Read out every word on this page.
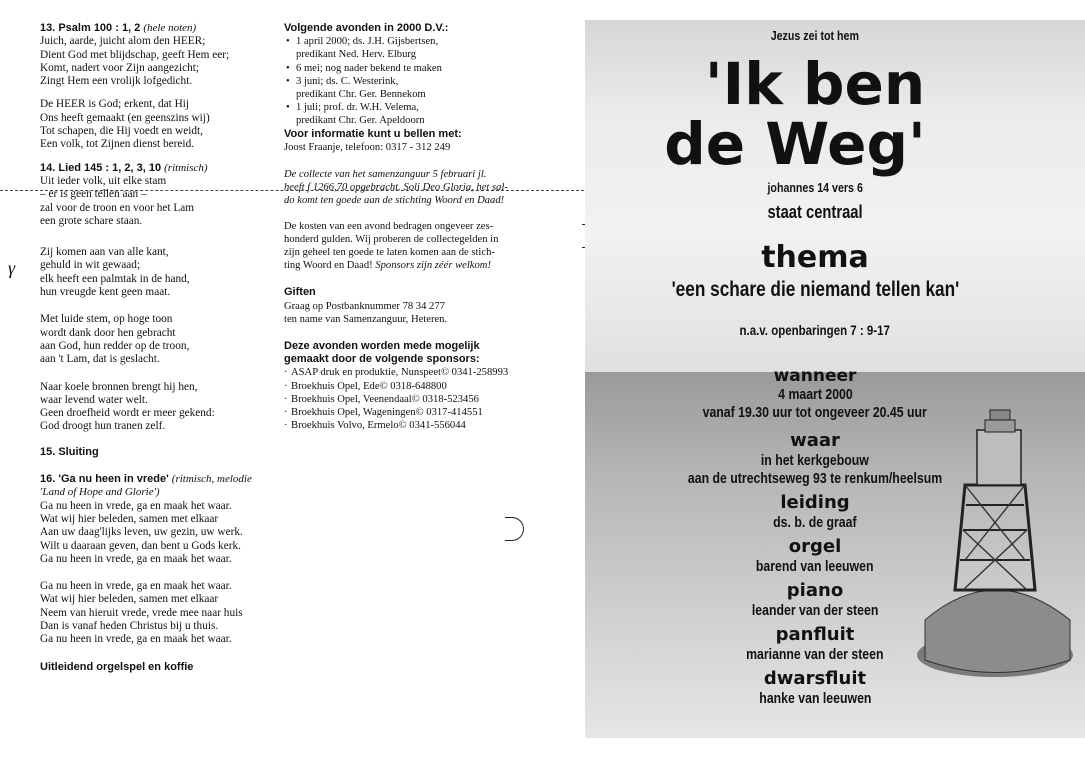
13. Psalm 100 : 1, 2 (hele noten)
Juich, aarde, juicht alom den HEER;
Dient God met blijdschap, geeft Hem eer;
Komt, nadert voor Zijn aangezicht;
Zingt Hem een vrolijk lofgedicht.
De HEER is God; erkent, dat Hij
Ons heeft gemaakt (en geenszins wij)
Tot schapen, die Hij voedt en weidt,
Een volk, tot Zijnen dienst bereid.
14. Lied 145 : 1, 2, 3, 10 (ritmisch)
Uit ieder volk, uit elke stam
– er is geen tellen aan –
zal voor de troon en voor het Lam
een grote schare staan.
Zij komen aan van alle kant,
gehuld in wit gewaad;
elk heeft een palmtak in de hand,
hun vreugde kent geen maat.
Met luide stem, op hoge toon
wordt dank door hen gebracht
aan God, hun redder op de troon,
aan 't Lam, dat is geslacht.
Naar koele bronnen brengt hij hen,
waar levend water welt.
Geen droefheid wordt er meer gekend:
God droogt hun tranen zelf.
15. Sluiting
16. 'Ga nu heen in vrede' (ritmisch, melodie 'Land of Hope and Glorie')
Ga nu heen in vrede, ga en maak het waar.
Wat wij hier beleden, samen met elkaar
Aan uw daag'lijks leven, uw gezin, uw werk.
Wilt u daaraan geven, dan bent u Gods kerk.
Ga nu heen in vrede, ga en maak het waar.
Ga nu heen in vrede, ga en maak het waar.
Wat wij hier beleden, samen met elkaar
Neem van hieruit vrede, vrede mee naar huis
Dan is vanaf heden Christus bij u thuis.
Ga nu heen in vrede, ga en maak het waar.
Uitleidend orgelspel en koffie
Volgende avonden in 2000 D.V.:
• 1 april 2000; ds. J.H. Gijsbertsen,
predikant Ned. Herv. Elburg
• 6 mei; nog nader bekend te maken
• 3 juni; ds. C. Westerink,
predikant Chr. Ger. Bennekom
• 1 juli; prof. dr. W.H. Velema,
predikant Chr. Ger. Apeldoorn
Voor informatie kunt u bellen met:
Joost Fraanje, telefoon: 0317 - 312 249
De collecte van het samenzanguur 5 februari jl.
heeft f 1266,70 opgebracht. Soli Deo Gloria, het sal-
do komt ten goede aan de stichting Woord en Daad!
De kosten van een avond bedragen ongeveer zes-
honderd gulden. Wij proberen de collectegelden in
zijn geheel ten goede te laten komen aan de stich-
ting Woord en Daad! Sponsors zijn zéér welkom!
Giften
Graag op Postbanknummer 78 34 277
ten name van Samenzanguur, Heteren.
Deze avonden worden mede mogelijk
gemaakt door de volgende sponsors:
· ASAP druk en produktie, Nunspeet© 0341-258993
· Broekhuis Opel, Ede© 0318-648800
· Broekhuis Opel, Veenendaal© 0318-523456
· Broekhuis Opel, Wageningen© 0317-414551
· Broekhuis Volvo, Ermelo© 0341-556044
γ
Jezus zei tot hem
'Ik ben
de Weg'
johannes 14 vers 6
staat centraal
thema
'een schare die niemand tellen kan'
n.a.v. openbaringen 7 : 9-17
wanneer
4 maart 2000
vanaf 19.30 uur tot ongeveer 20.45 uur
waar
in het kerkgebouw
aan de utrechtseweg 93 te renkum/heelsum
leiding
ds. b. de graaf
orgel
barend van leeuwen
piano
leander van der steen
panfluit
marianne van der steen
dwarsfluit
hanke van leeuwen
